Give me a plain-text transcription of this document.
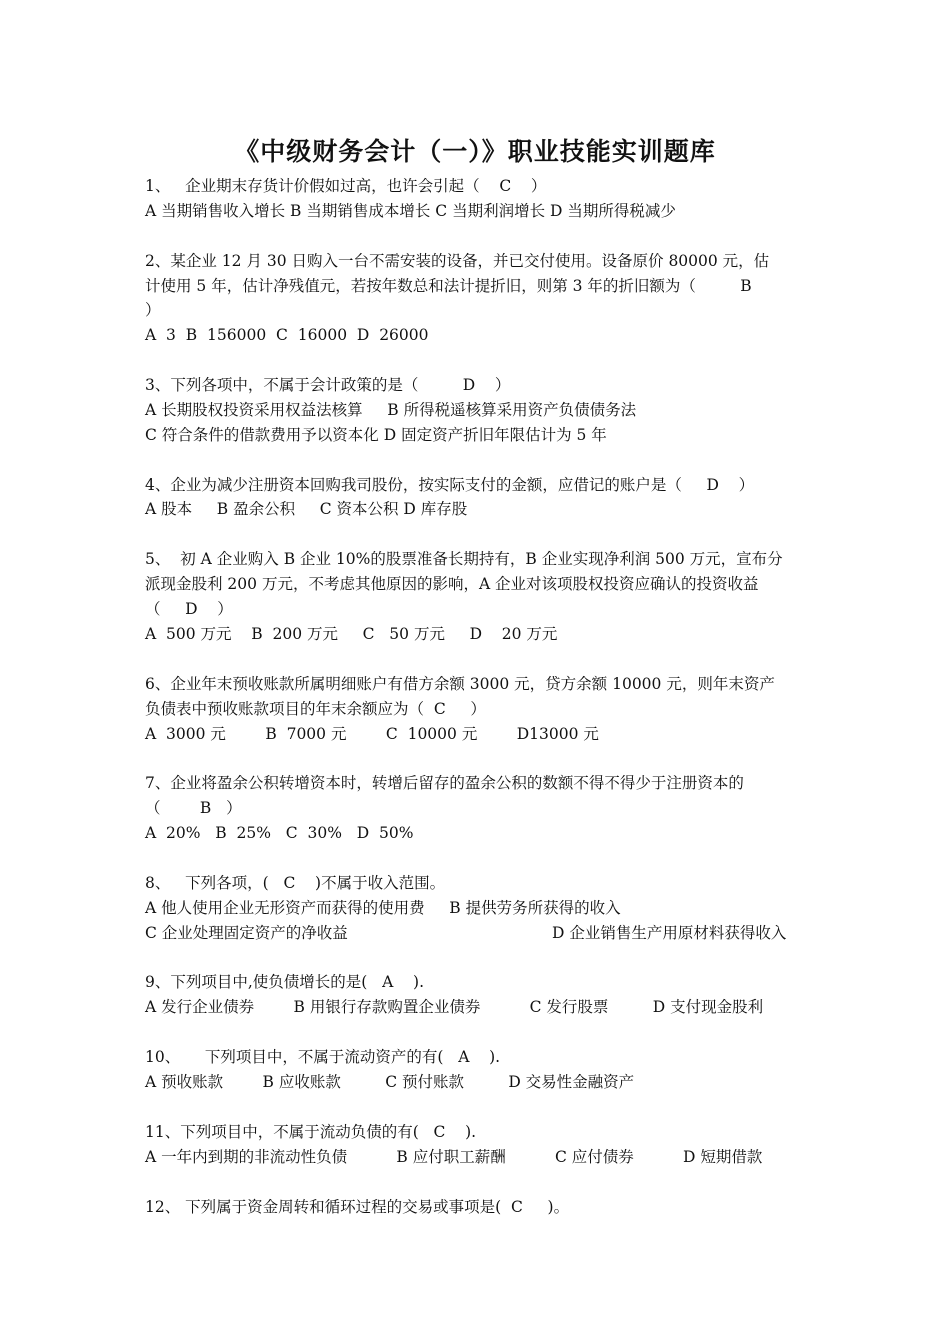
《中级财务会计（一）》职业技能实训题库
1、   企业期末存货计价假如过高，也许会引起（    C    ）
A 当期销售收入增长 B 当期销售成本增长 C 当期利润增长 D 当期所得税减少
2、某企业 12 月 30 日购入一台不需安装的设备，并已交付使用。设备原价 80000 元，估
计使用 5 年，估计净残值元，若按年数总和法计提折旧，则第 3 年的折旧额为（         B
）
A  3  B  156000  C  16000  D  26000
3、下列各项中，不属于会计政策的是（         D    ）
A 长期股权投资采用权益法核算     B 所得税遥核算采用资产负债债务法
C 符合条件的借款费用予以资本化 D 固定资产折旧年限估计为 5 年
4、企业为减少注册资本回购我司股份，按实际支付的金额，应借记的账户是（     D    ）
A 股本     B 盈余公积     C 资本公积 D 库存股
5、  初 A 企业购入 B 企业 10%的股票准备长期持有，B 企业实现净利润 500 万元，宣布分
派现金股利 200 万元，不考虑其他原因的影响，A 企业对该项股权投资应确认的投资收益
（     D    ）
A  500 万元    B  200 万元     C   50 万元     D    20 万元
6、企业年末预收账款所属明细账户有借方余额 3000 元，贷方余额 10000 元，则年末资产
负债表中预收账款项目的年末余额应为（  C     ）
A  3000 元        B  7000 元        C  10000 元        D13000 元
7、企业将盈余公积转增资本时，转增后留存的盈余公积的数额不得不得少于注册资本的
（        B   ）
A  20%   B  25%   C  30%   D  50%
8、   下列各项，(   C    )不属于收入范围。
A 他人使用企业无形资产而获得的使用费     B 提供劳务所获得的收入
C 企业处理固定资产的净收益	D 企业销售生产用原材料获得收入
9、下列项目中,使负债增长的是(   A    ).
A 发行企业债券        B 用银行存款购置企业债券          C 发行股票         D 支付现金股利
10、     下列项目中，不属于流动资产的有(   A    ).
A 预收账款        B 应收账款         C 预付账款         D 交易性金融资产
11、下列项目中，不属于流动负债的有(   C    ).
A 一年内到期的非流动性负债          B 应付职工薪酬          C 应付债券          D 短期借款
12、 下列属于资金周转和循环过程的交易或事项是(  C     )。
